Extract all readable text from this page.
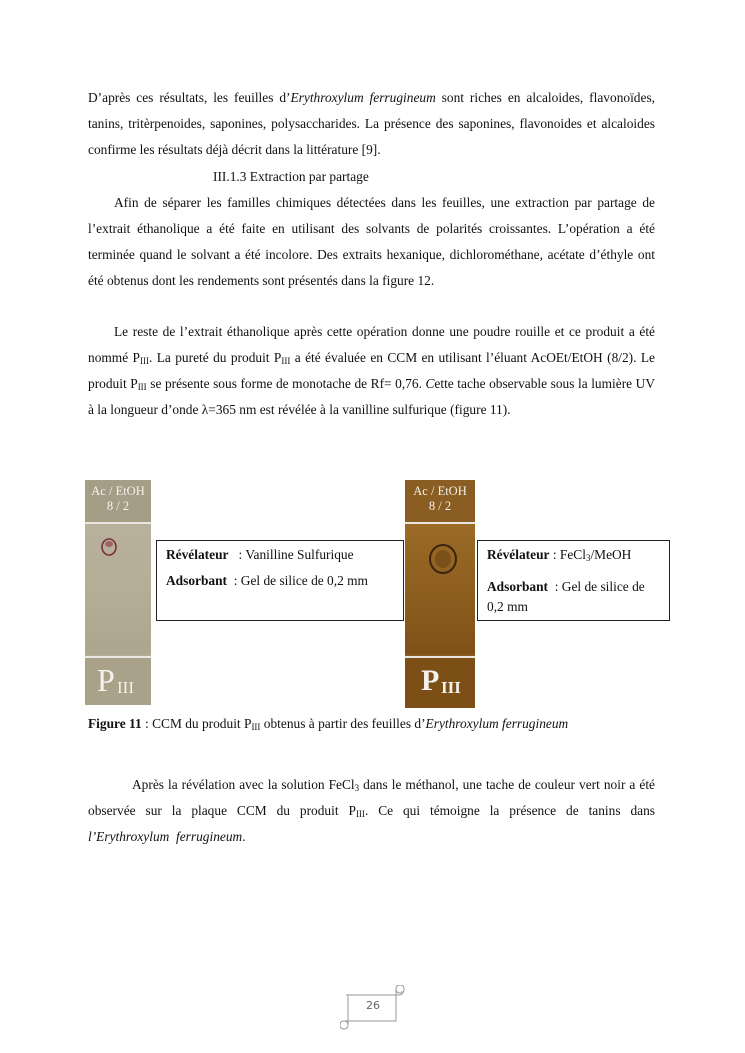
D’après ces résultats, les feuilles d’Erythroxylum ferrugineum sont riches en alcaloides, flavonoïdes, tanins, tritèrpenoides, saponines, polysaccharides. La présence des saponines, flavonoides et alcaloides confirme les résultats déjà décrit dans la littérature [9].

III.1.3 Extraction par partage

Afin de séparer les familles chimiques détectées dans les feuilles, une extraction par partage de l’extrait éthanolique a été faite en utilisant des solvants de polarités croissantes. L’opération a été terminée quand le solvant a été incolore. Des extraits hexanique, dichlorométhane, acétate d’éthyle ont été obtenus dont les rendements sont présentés dans la figure 12.

Le reste de l’extrait éthanolique après cette opération donne une poudre rouille et ce produit a été nommé $P_{III}$. La pureté du produit $P_{III}$ a été évaluée en CCM en utilisant l’éluant AcOEt/EtOH (8/2). Le produit $P_{III}$ se présente sous forme de monotache de Rf= 0,76. Cette tache observable sous la lumière UV à la longueur d’onde λ=365 nm est révélée à la vanilline sulfurique (figure 11).

Ac / EtOH
8 / 2
P III
Révélateur   : Vanilline Sulfurique
Adsorbant  : Gel de silice de 0,2 mm
Ac / EtOH
8 / 2
P III
Révélateur : FeCl$_3$/MeOH
Adsorbant  : Gel de silice de 0,2 mm
Figure 11 : CCM du produit $P_{III}$ obtenus à partir des feuilles d’Erythroxylum ferrugineum

Après la révélation avec la solution FeCl$_3$ dans le méthanol, une tache de couleur vert noir a été observée sur la plaque CCM du produit $P_{III}$. Ce qui témoigne la présence de tanins dans l’Erythroxylum  ferrugineum.

26
